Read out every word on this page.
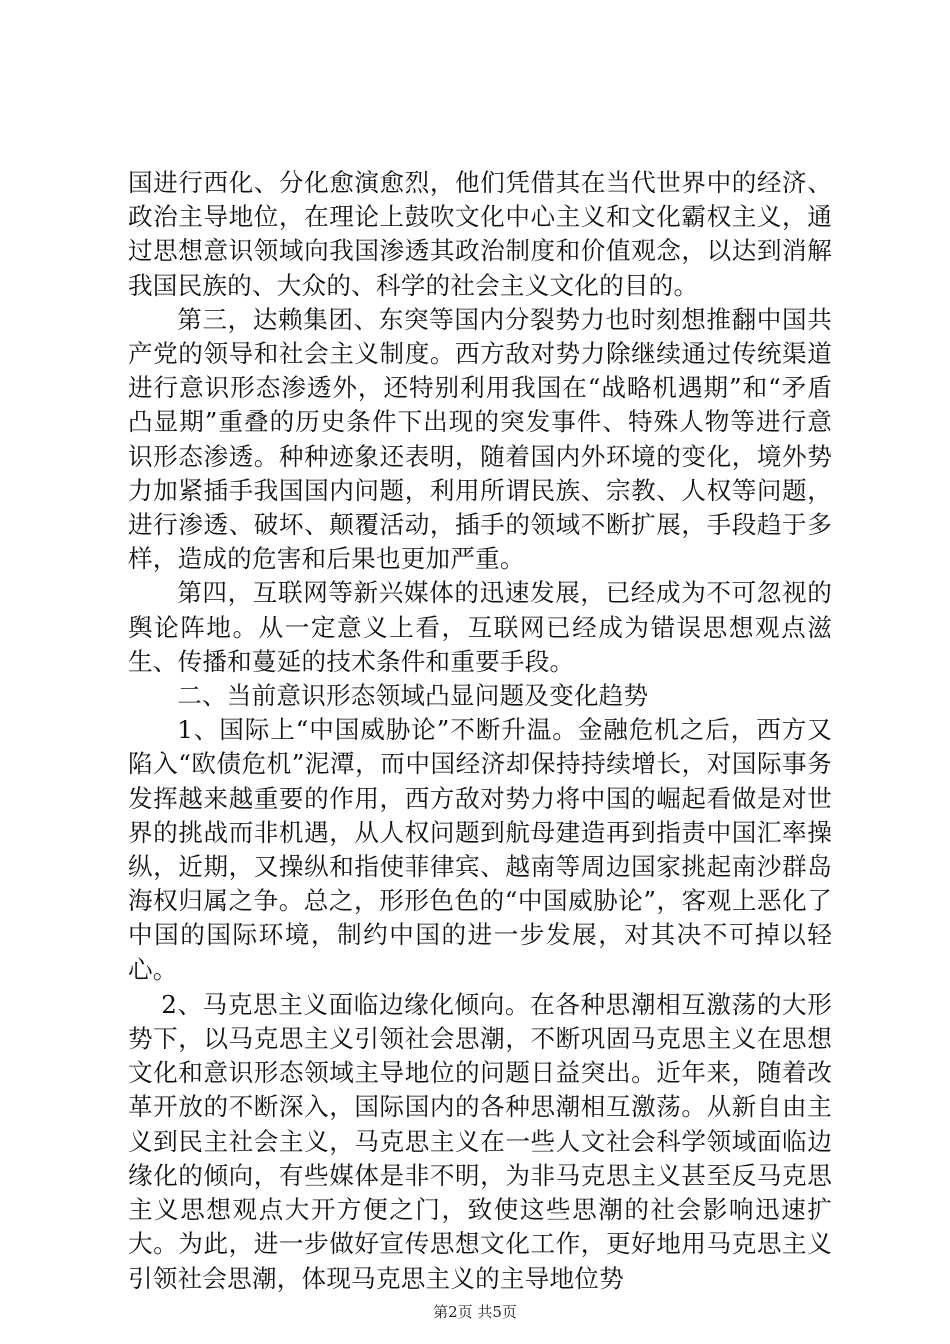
国进行西化、分化愈演愈烈，他们凭借其在当代世界中的经济、政治主导地位，在理论上鼓吹文化中心主义和文化霸权主义，通过思想意识领域向我国渗透其政治制度和价值观念，以达到消解我国民族的、大众的、科学的社会主义文化的目的。

第三，达赖集团、东突等国内分裂势力也时刻想推翻中国共产党的领导和社会主义制度。西方敌对势力除继续通过传统渠道进行意识形态渗透外，还特别利用我国在“战略机遇期”和“矛盾凸显期”重叠的历史条件下出现的突发事件、特殊人物等进行意识形态渗透。种种迹象还表明，随着国内外环境的变化，境外势力加紧插手我国国内问题，利用所谓民族、宗教、人权等问题，进行渗透、破坏、颠覆活动，插手的领域不断扩展，手段趋于多样，造成的危害和后果也更加严重。

第四，互联网等新兴媒体的迅速发展，已经成为不可忽视的舆论阵地。从一定意义上看，互联网已经成为错误思想观点滋生、传播和蔓延的技术条件和重要手段。

二、当前意识形态领域凸显问题及变化趋势

1、国际上“中国威胁论”不断升温。金融危机之后，西方又陷入“欧债危机”泥潭，而中国经济却保持持续增长，对国际事务发挥越来越重要的作用，西方敌对势力将中国的崛起看做是对世界的挑战而非机遇，从人权问题到航母建造再到指责中国汇率操纵，近期，又操纵和指使菲律宾、越南等周边国家挑起南沙群岛海权归属之争。总之，形形色色的“中国威胁论”，客观上恶化了中国的国际环境，制约中国的进一步发展，对其决不可掉以轻心。

2、马克思主义面临边缘化倾向。在各种思潮相互激荡的大形势下，以马克思主义引领社会思潮，不断巩固马克思主义在思想文化和意识形态领域主导地位的问题日益突出。近年来，随着改革开放的不断深入，国际国内的各种思潮相互激荡。从新自由主义到民主社会主义，马克思主义在一些人文社会科学领域面临边缘化的倾向，有些媒体是非不明，为非马克思主义甚至反马克思主义思想观点大开方便之门，致使这些思潮的社会影响迅速扩大。为此，进一步做好宣传思想文化工作，更好地用马克思主义引领社会思潮，体现马克思主义的主导地位势

第2页 共5页
